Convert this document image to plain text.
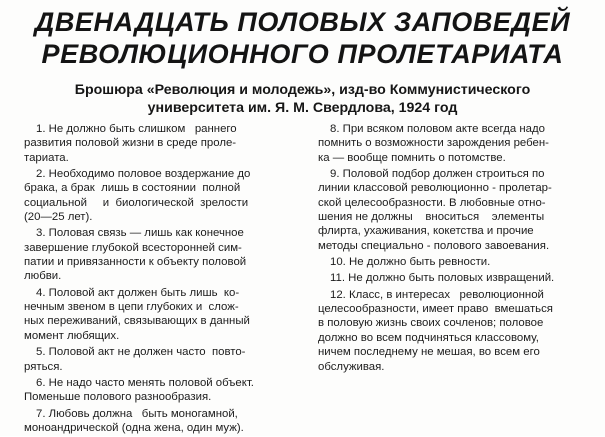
ДВЕНАДЦАТЬ ПОЛОВЫХ ЗАПОВЕДЕЙ
РЕВОЛЮЦИОННОГО ПРОЛЕТАРИАТА
Брошюра «Революция и молодежь», изд-во Коммунистического
университета им. Я. М. Свердлова, 1924 год
1. Не должно быть слишком   раннего
развития половой жизни в среде проле-
тариата.
2. Необходимо половое воздержание до
брака, а брак  лишь в состоянии  полной
социальной     и  биологической  зрелости
(20—25 лет).
3. Половая связь — лишь как конечное
завершение глубокой всесторонней сим-
патии и привязанности к объекту половой
любви.
4. Половой акт должен быть лишь  ко-
нечным звеном в цепи глубоких и  слож-
ных переживаний, связывающих в данный
момент любящих.
5. Половой акт не должен часто  повто-
ряться.
6. Не надо часто менять половой объект.
Поменьше полового разнообразия.
7. Любовь должна   быть моногамной,
моноандрической (одна жена, один муж).
8. При всяком половом акте всегда надо
помнить о возможности зарождения ребен-
ка — вообще помнить о потомстве.
9. Половой подбор должен строиться по
линии классовой революционно - пролетар-
ской целесообразности. В любовные отно-
шения не должны    вноситься    элементы
флирта, ухаживания, кокетства и прочие
методы специально - полового завоевания.
10. Не должно быть ревности.
11. Не должно быть половых извращений.
12. Класс, в интересах   революционной
целесообразности, имеет право  вмешаться
в половую жизнь своих сочленов; половое
должно во всем подчиняться классовому,
ничем последнему не мешая, во всем его
обслуживая.
